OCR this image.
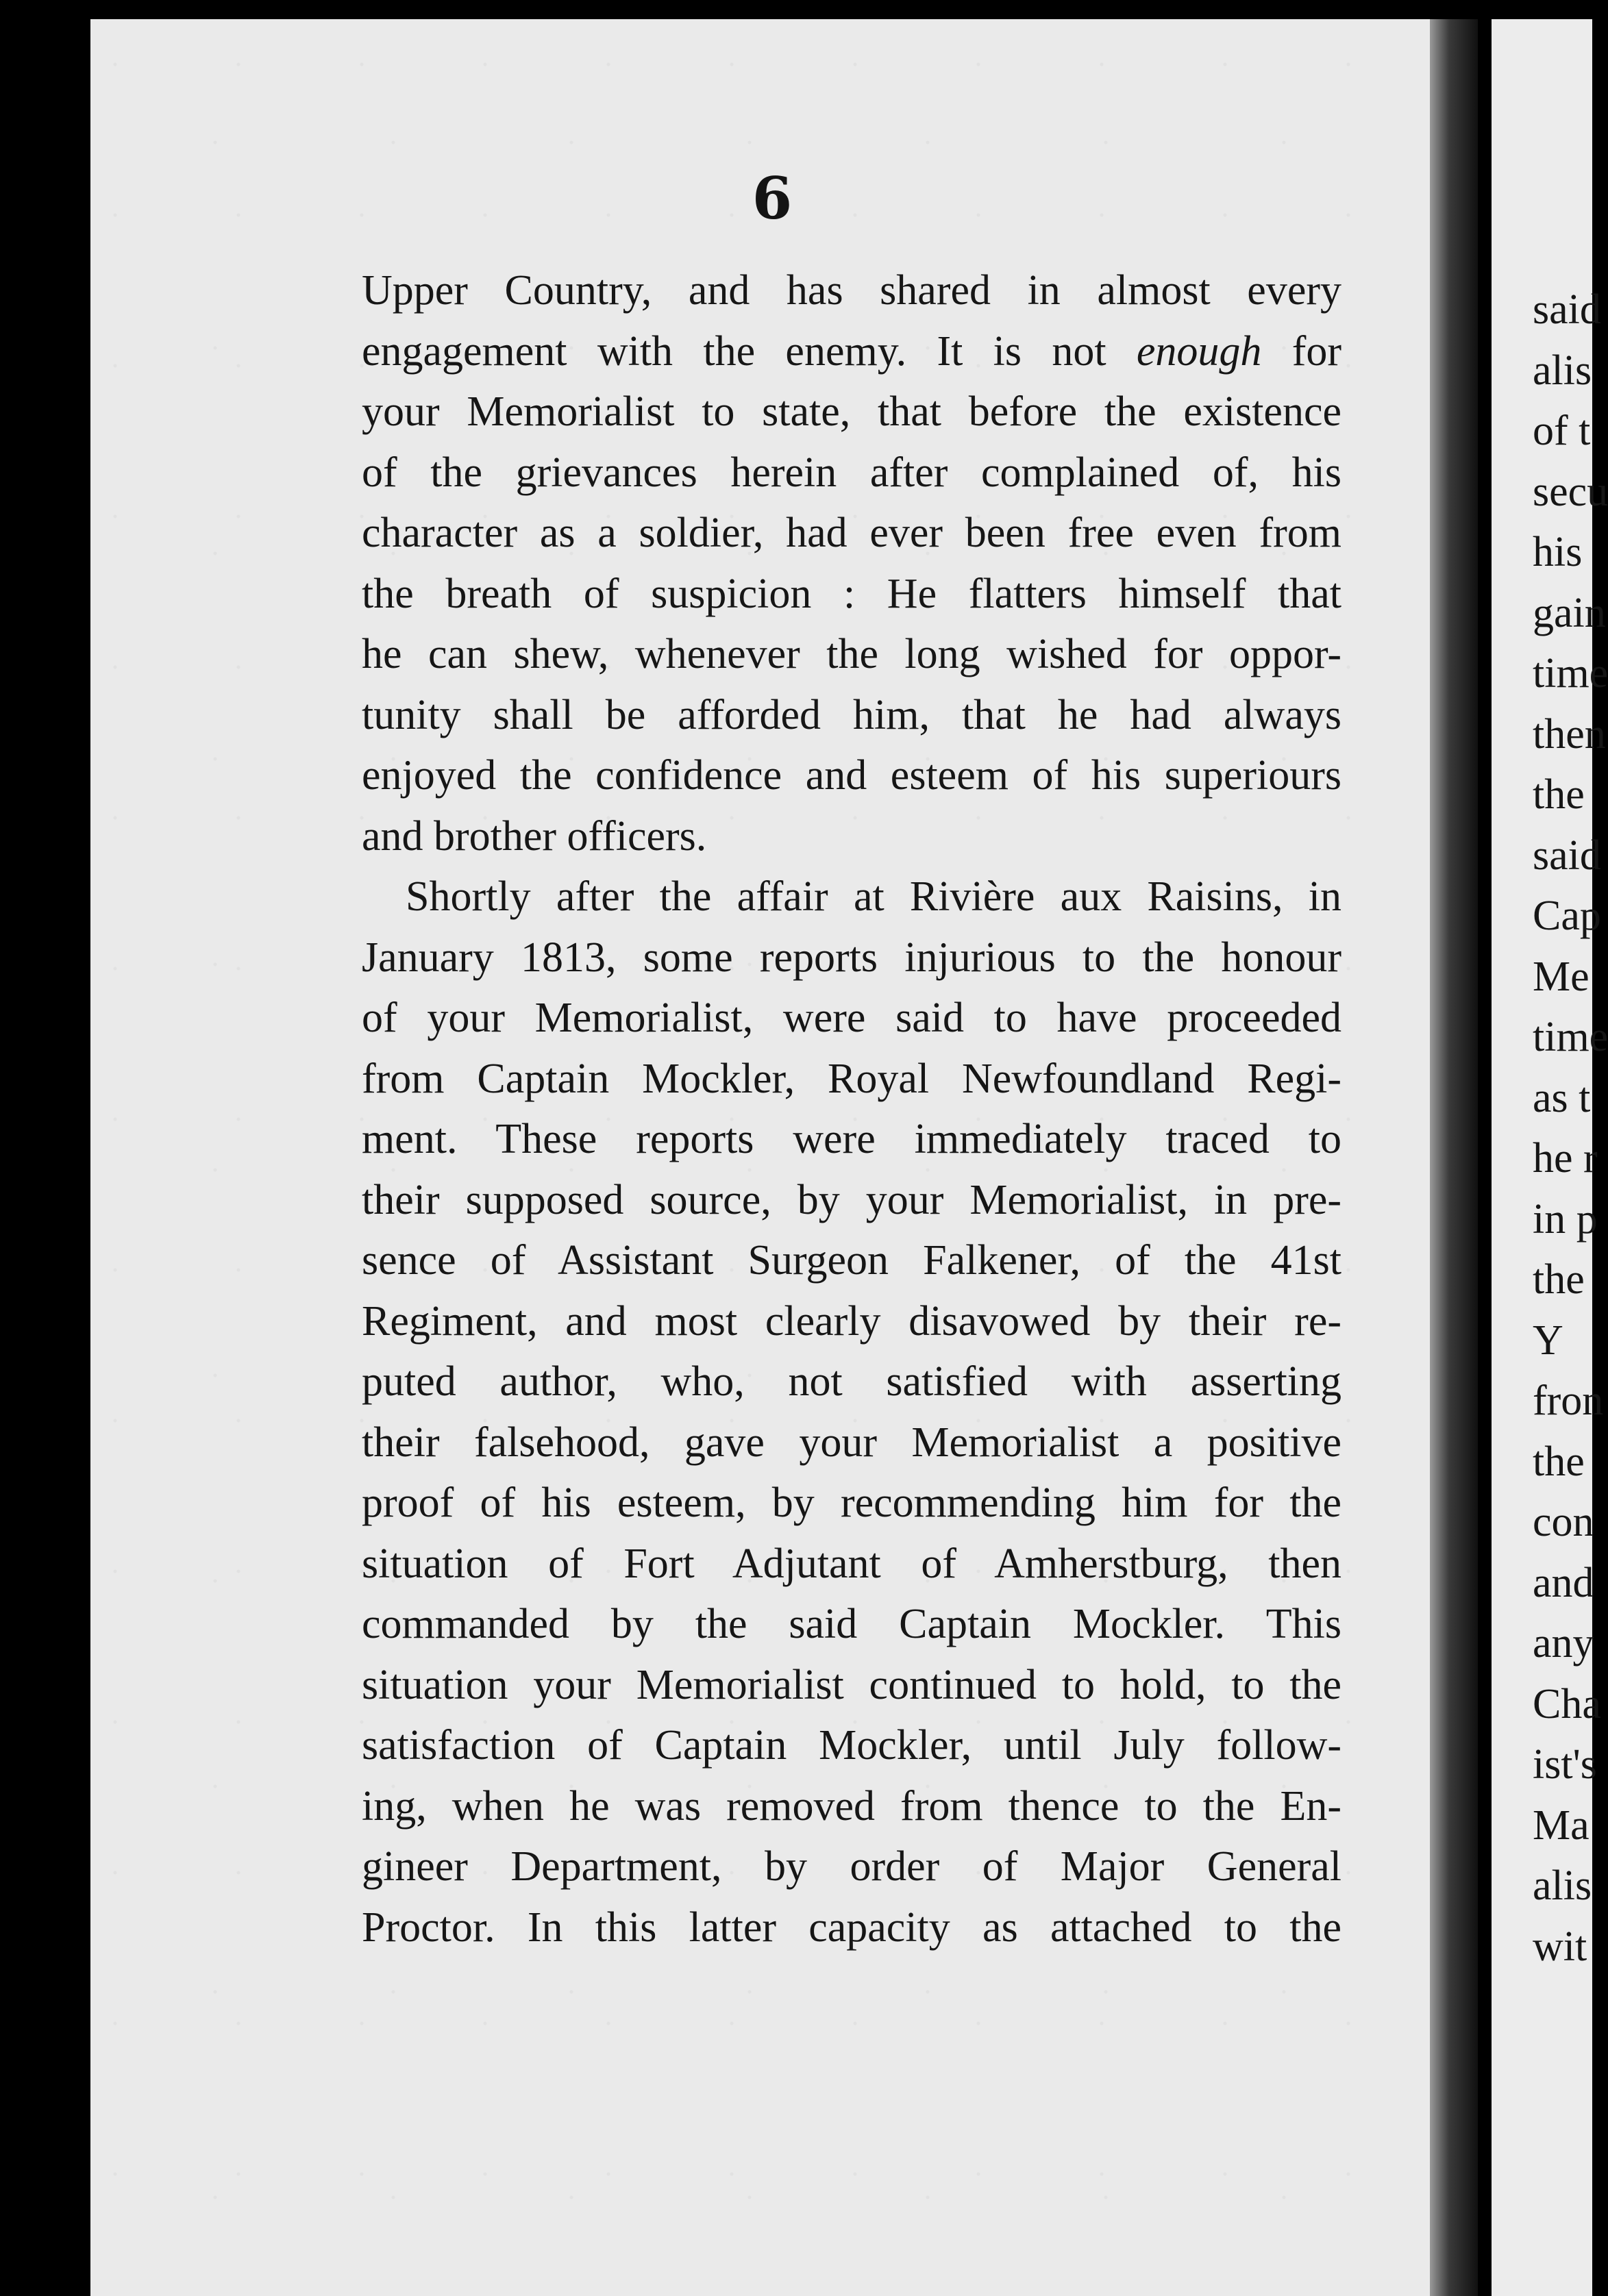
6
Upper Country, and has shared in almost every
engagement with the enemy. It is not enough for
your Memorialist to state, that before the existence
of the grievances herein after complained of, his
character as a soldier, had ever been free even from
the breath of suspicion : He flatters himself that
he can shew, whenever the long wished for oppor-
tunity shall be afforded him, that he had always
enjoyed the confidence and esteem of his superiours
and brother officers.
Shortly after the affair at Rivière aux Raisins, in
January 1813, some reports injurious to the honour
of your Memorialist, were said to have proceeded
from Captain Mockler, Royal Newfoundland Regi-
ment. These reports were immediately traced to
their supposed source, by your Memorialist, in pre-
sence of Assistant Surgeon Falkener, of the 41st
Regiment, and most clearly disavowed by their re-
puted author, who, not satisfied with asserting
their falsehood, gave your Memorialist a positive
proof of his esteem, by recommending him for the
situation of Fort Adjutant of Amherstburg, then
commanded by the said Captain Mockler. This
situation your Memorialist continued to hold, to the
satisfaction of Captain Mockler, until July follow-
ing, when he was removed from thence to the En-
gineer Department, by order of Major General
Proctor. In this latter capacity as attached to the
said
alis
of t
secu
his
gain
time
then
the
said
Cap
Me
time
as t
he r
in p
the
Y
fron
the
con
and
any
Cha
ist's
Ma
alis
wit
